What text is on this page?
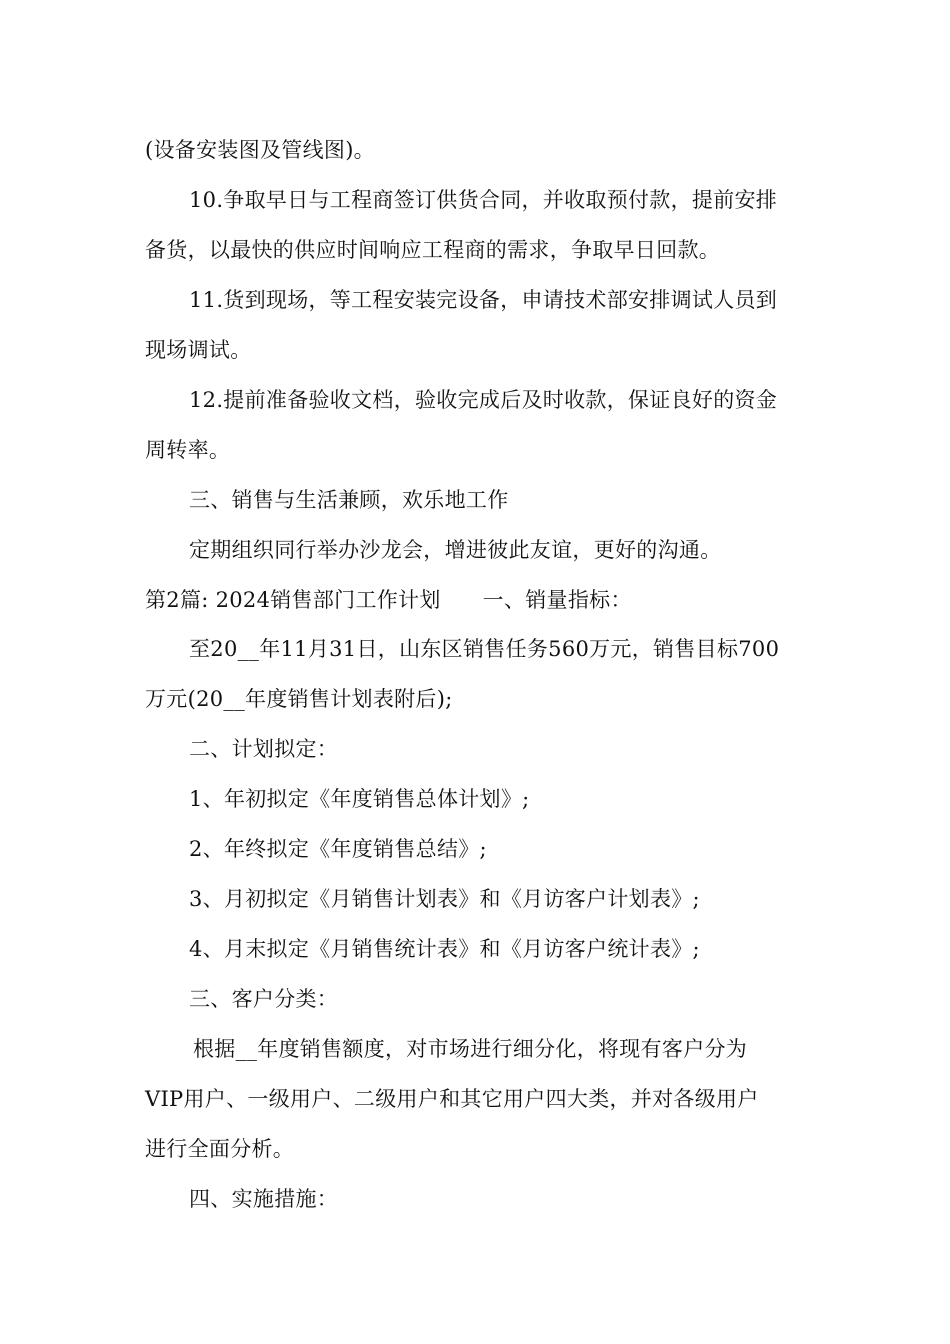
(设备安装图及管线图)。
10.争取早日与工程商签订供货合同，并收取预付款，提前安排
备货，以最快的供应时间响应工程商的需求，争取早日回款。
11.货到现场，等工程安装完设备，申请技术部安排调试人员到
现场调试。
12.提前准备验收文档，验收完成后及时收款，保证良好的资金
周转率。
三、销售与生活兼顾，欢乐地工作
定期组织同行举办沙龙会，增进彼此友谊，更好的沟通。
第2篇: 2024销售部门工作计划 一、销量指标：
至20__年11月31日，山东区销售任务560万元，销售目标700
万元(20__年度销售计划表附后);
二、计划拟定：
1、年初拟定《年度销售总体计划》;
2、年终拟定《年度销售总结》;
3、月初拟定《月销售计划表》和《月访客户计划表》;
4、月末拟定《月销售统计表》和《月访客户统计表》;
三、客户分类：
根据__年度销售额度，对市场进行细分化，将现有客户分为
VIP用户、一级用户、二级用户和其它用户四大类，并对各级用户
进行全面分析。
四、实施措施：
